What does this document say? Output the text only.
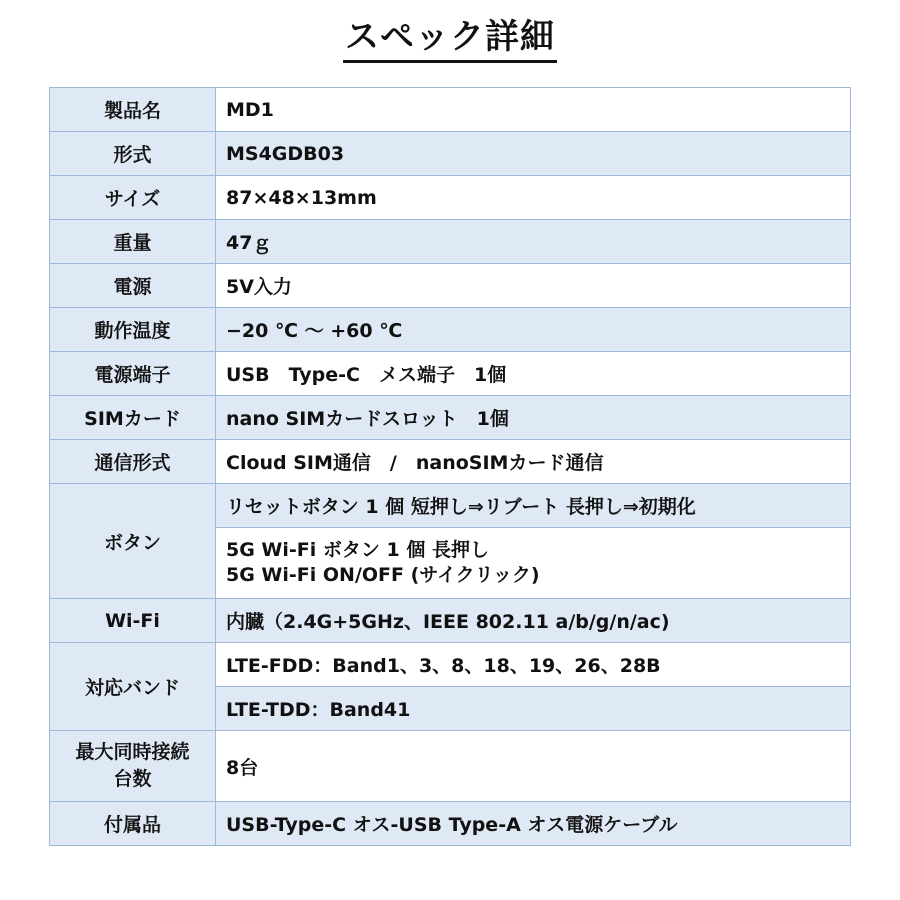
スペック詳細
製品名	MD1
形式	MS4GDB03
サイズ	87×48×13mm
重量	47ｇ
電源	5V入力
動作温度	−20 ℃ 〜 +60 ℃
電源端子	USB　Type-C　メス端子　1個
SIMカード	nano SIMカードスロット　1個
通信形式	Cloud SIM通信　/　nanoSIMカード通信
ボタン	リセットボタン 1 個 短押し⇒リブート 長押し⇒初期化
	5G Wi-Fi ボタン 1 個 長押し
5G Wi-Fi ON/OFF (サイクリック)
Wi-Fi	内臓（2.4G+5GHz、IEEE 802.11 a/b/g/n/ac)
対応バンド	LTE-FDD：Band1、3、8、18、19、26、28B
	LTE-TDD：Band41
最大同時接続
台数	8台
付属品	USB-Type-C オス-USB Type-A オス電源ケーブル
